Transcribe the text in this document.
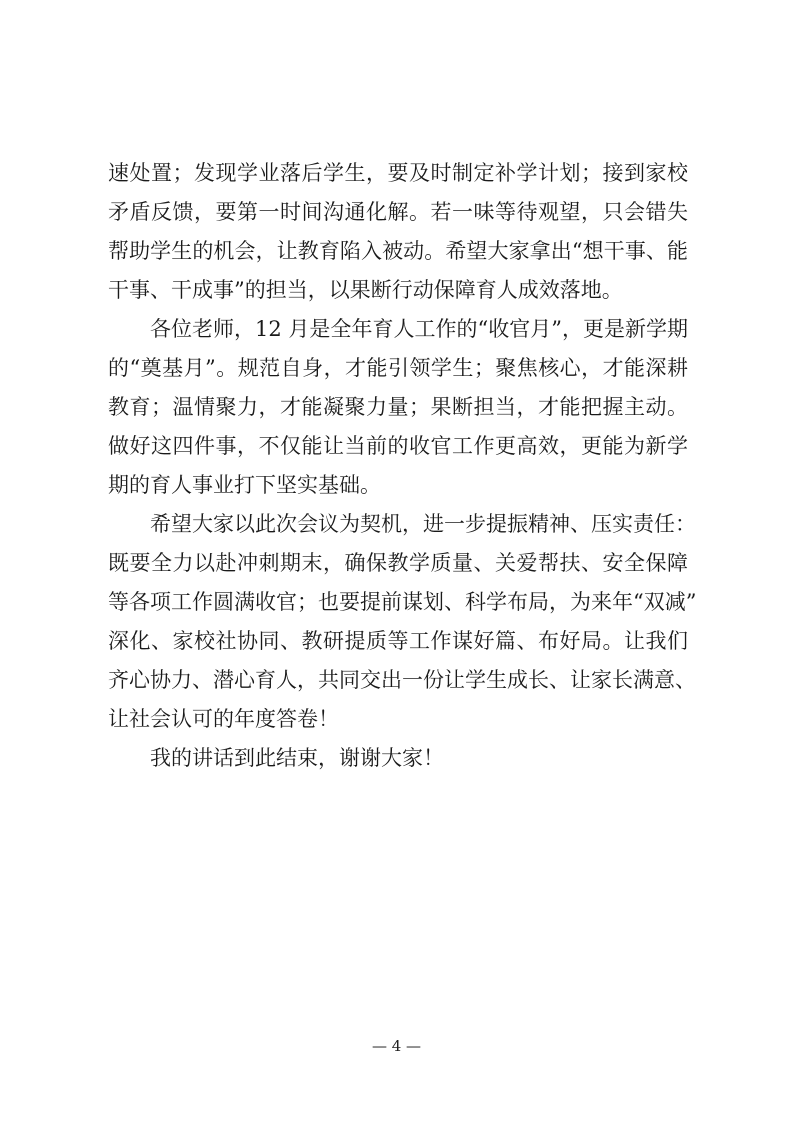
速处置；发现学业落后学生，要及时制定补学计划；接到家校
矛盾反馈，要第一时间沟通化解。若一味等待观望，只会错失
帮助学生的机会，让教育陷入被动。希望大家拿出“想干事、能
干事、干成事”的担当，以果断行动保障育人成效落地。
各位老师，12 月是全年育人工作的“收官月”，更是新学期
的“奠基月”。规范自身，才能引领学生；聚焦核心，才能深耕
教育；温情聚力，才能凝聚力量；果断担当，才能把握主动。
做好这四件事，不仅能让当前的收官工作更高效，更能为新学
期的育人事业打下坚实基础。
希望大家以此次会议为契机，进一步提振精神、压实责任：
既要全力以赴冲刺期末，确保教学质量、关爱帮扶、安全保障
等各项工作圆满收官；也要提前谋划、科学布局，为来年“双减”
深化、家校社协同、教研提质等工作谋好篇、布好局。让我们
齐心协力、潜心育人，共同交出一份让学生成长、让家长满意、
让社会认可的年度答卷！
我的讲话到此结束，谢谢大家！
— 4 —
